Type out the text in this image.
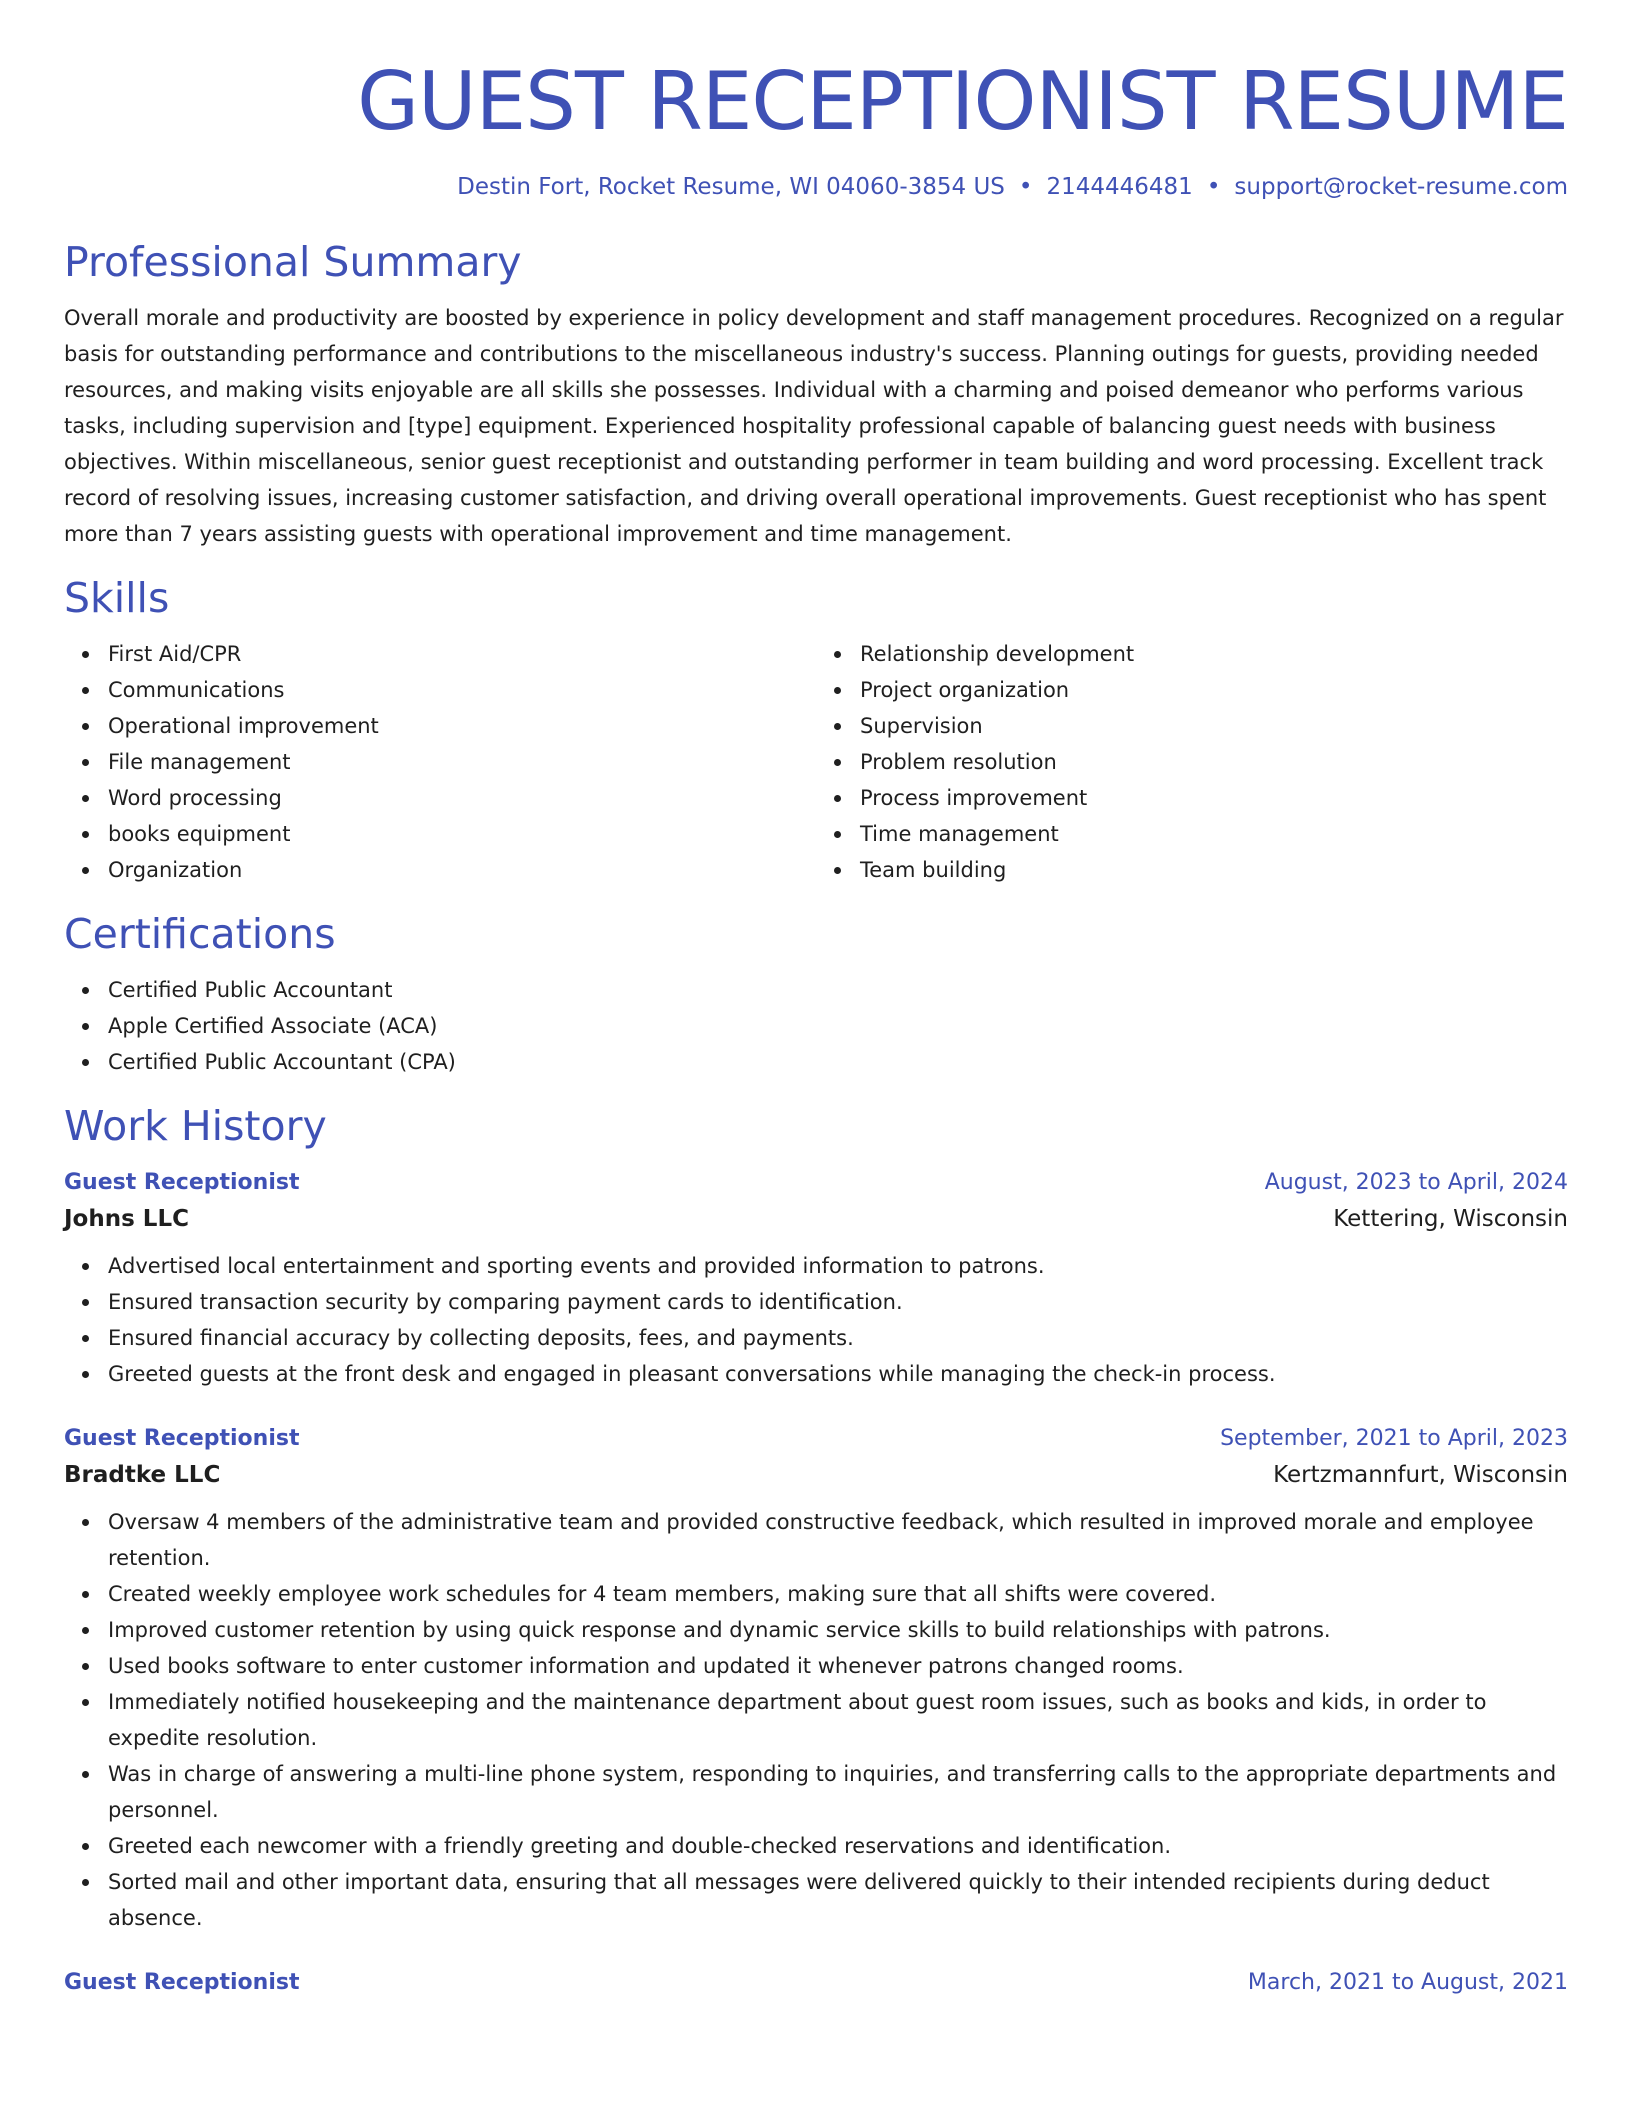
GUEST RECEPTIONIST RESUME
Destin Fort, Rocket Resume, WI 04060-3854 US • 2144446481 • support@rocket-resume.com
Professional Summary

Overall morale and productivity are boosted by experience in policy development and staff management procedures. Recognized on a regular basis for outstanding performance and contributions to the miscellaneous industry's success. Planning outings for guests, providing needed resources, and making visits enjoyable are all skills she possesses. Individual with a charming and poised demeanor who performs various tasks, including supervision and [type] equipment. Experienced hospitality professional capable of balancing guest needs with business objectives. Within miscellaneous, senior guest receptionist and outstanding performer in team building and word processing. Excellent track record of resolving issues, increasing customer satisfaction, and driving overall operational improvements. Guest receptionist who has spent more than 7 years assisting guests with operational improvement and time management.

Skills
First Aid/CPR
Communications
Operational improvement
File management
Word processing
books equipment
Organization
Relationship development
Project organization
Supervision
Problem resolution
Process improvement
Time management
Team building
Certifications
Certified Public Accountant
Apple Certified Associate (ACA)
Certified Public Accountant (CPA)
Work History
Guest Receptionist	August, 2023 to April, 2024
Johns LLC	Kettering, Wisconsin
Advertised local entertainment and sporting events and provided information to patrons.
Ensured transaction security by comparing payment cards to identification.
Ensured financial accuracy by collecting deposits, fees, and payments.
Greeted guests at the front desk and engaged in pleasant conversations while managing the check-in process.
Guest Receptionist	September, 2021 to April, 2023
Bradtke LLC	Kertzmannfurt, Wisconsin
Oversaw 4 members of the administrative team and provided constructive feedback, which resulted in improved morale and employee retention.
Created weekly employee work schedules for 4 team members, making sure that all shifts were covered.
Improved customer retention by using quick response and dynamic service skills to build relationships with patrons.
Used books software to enter customer information and updated it whenever patrons changed rooms.
Immediately notified housekeeping and the maintenance department about guest room issues, such as books and kids, in order to expedite resolution.
Was in charge of answering a multi-line phone system, responding to inquiries, and transferring calls to the appropriate departments and personnel.
Greeted each newcomer with a friendly greeting and double-checked reservations and identification.
Sorted mail and other important data, ensuring that all messages were delivered quickly to their intended recipients during deduct absence.
Guest Receptionist	March, 2021 to August, 2021
